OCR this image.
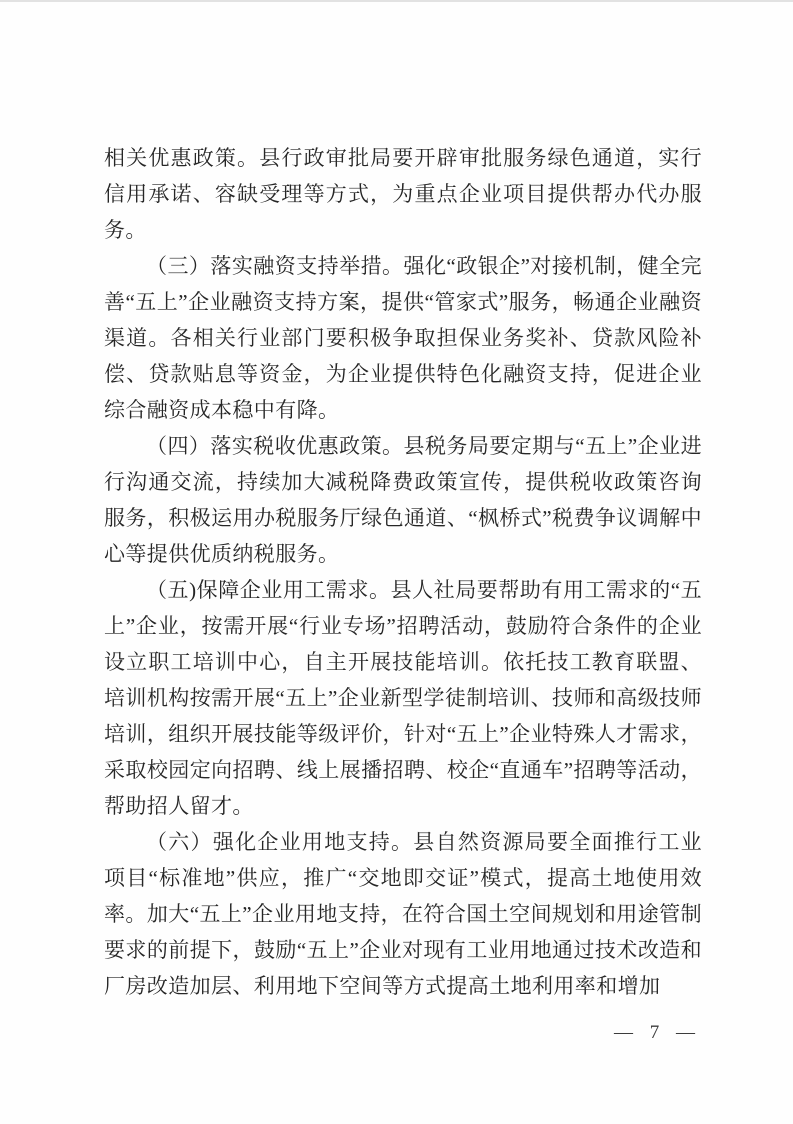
相关优惠政策。县行政审批局要开辟审批服务绿色通道，实行信用承诺、容缺受理等方式，为重点企业项目提供帮办代办服务。

（三）落实融资支持举措。强化“政银企”对接机制，健全完善“五上”企业融资支持方案，提供“管家式”服务，畅通企业融资渠道。各相关行业部门要积极争取担保业务奖补、贷款风险补偿、贷款贴息等资金，为企业提供特色化融资支持，促进企业综合融资成本稳中有降。

（四）落实税收优惠政策。县税务局要定期与“五上”企业进行沟通交流，持续加大减税降费政策宣传，提供税收政策咨询服务，积极运用办税服务厅绿色通道、“枫桥式”税费争议调解中心等提供优质纳税服务。

（五)保障企业用工需求。县人社局要帮助有用工需求的“五上”企业，按需开展“行业专场”招聘活动，鼓励符合条件的企业设立职工培训中心，自主开展技能培训。依托技工教育联盟、培训机构按需开展“五上”企业新型学徒制培训、技师和高级技师培训，组织开展技能等级评价，针对“五上”企业特殊人才需求，采取校园定向招聘、线上展播招聘、校企“直通车”招聘等活动，帮助招人留才。

（六）强化企业用地支持。县自然资源局要全面推行工业项目“标准地”供应，推广“交地即交证”模式，提高土地使用效率。加大“五上”企业用地支持，在符合国土空间规划和用途管制要求的前提下，鼓励“五上”企业对现有工业用地通过技术改造和厂房改造加层、利用地下空间等方式提高土地利用率和增加

— 7 —
